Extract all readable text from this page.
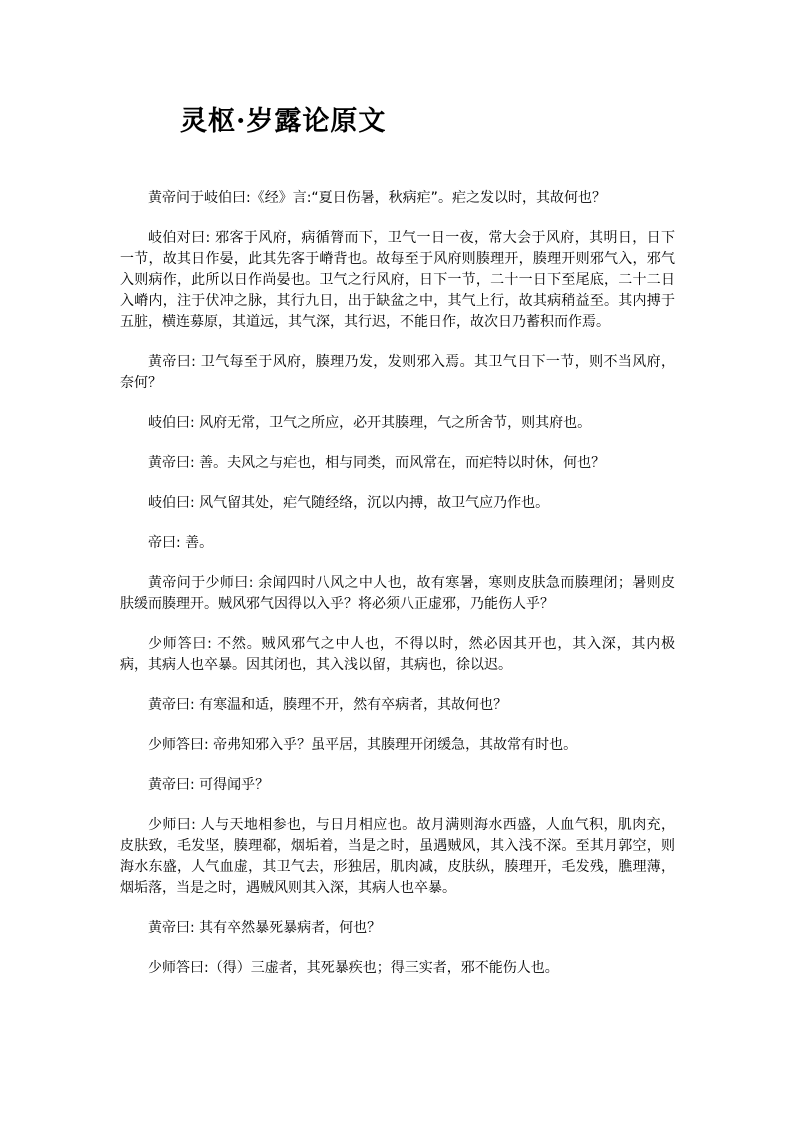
灵枢·岁露论原文

黄帝问于岐伯曰:《经》言:“夏日伤暑，秋病疟”。疟之发以时，其故何也？

岐伯对曰: 邪客于风府，病循膂而下，卫气一日一夜，常大会于风府，其明日，日下一节，故其日作晏，此其先客于嵴背也。故每至于风府则腠理开，腠理开则邪气入，邪气入则病作，此所以日作尚晏也。卫气之行风府，日下一节，二十一日下至尾底，二十二日入嵴内，注于伏冲之脉，其行九日，出于缺盆之中，其气上行，故其病稍益至。其内搏于五脏，横连募原，其道远，其气深，其行迟，不能日作，故次日乃蓄积而作焉。

黄帝曰: 卫气每至于风府，腠理乃发，发则邪入焉。其卫气日下一节，则不当风府，奈何？

岐伯曰: 风府无常，卫气之所应，必开其腠理，气之所舍节，则其府也。

黄帝曰: 善。夫风之与疟也，相与同类，而风常在，而疟特以时休，何也？

岐伯曰: 风气留其处，疟气随经络，沉以内搏，故卫气应乃作也。

帝曰: 善。

黄帝问于少师曰: 余闻四时八风之中人也，故有寒暑，寒则皮肤急而腠理闭；暑则皮肤缓而腠理开。贼风邪气因得以入乎？将必须八正虚邪，乃能伤人乎？

少师答曰: 不然。贼风邪气之中人也，不得以时，然必因其开也，其入深，其内极病，其病人也卒暴。因其闭也，其入浅以留，其病也，徐以迟。

黄帝曰: 有寒温和适，腠理不开，然有卒病者，其故何也？

少师答曰: 帝弗知邪入乎？虽平居，其腠理开闭缓急，其故常有时也。

黄帝曰: 可得闻乎？

少师曰: 人与天地相参也，与日月相应也。故月满则海水西盛，人血气积，肌肉充，皮肤致，毛发坚，腠理郗，烟垢着，当是之时，虽遇贼风，其入浅不深。至其月郭空，则海水东盛，人气血虚，其卫气去，形独居，肌肉减，皮肤纵，腠理开，毛发残，膲理薄，烟垢落，当是之时，遇贼风则其入深，其病人也卒暴。

黄帝曰: 其有卒然暴死暴病者，何也？

少师答曰:（得）三虚者，其死暴疾也；得三实者，邪不能伤人也。
